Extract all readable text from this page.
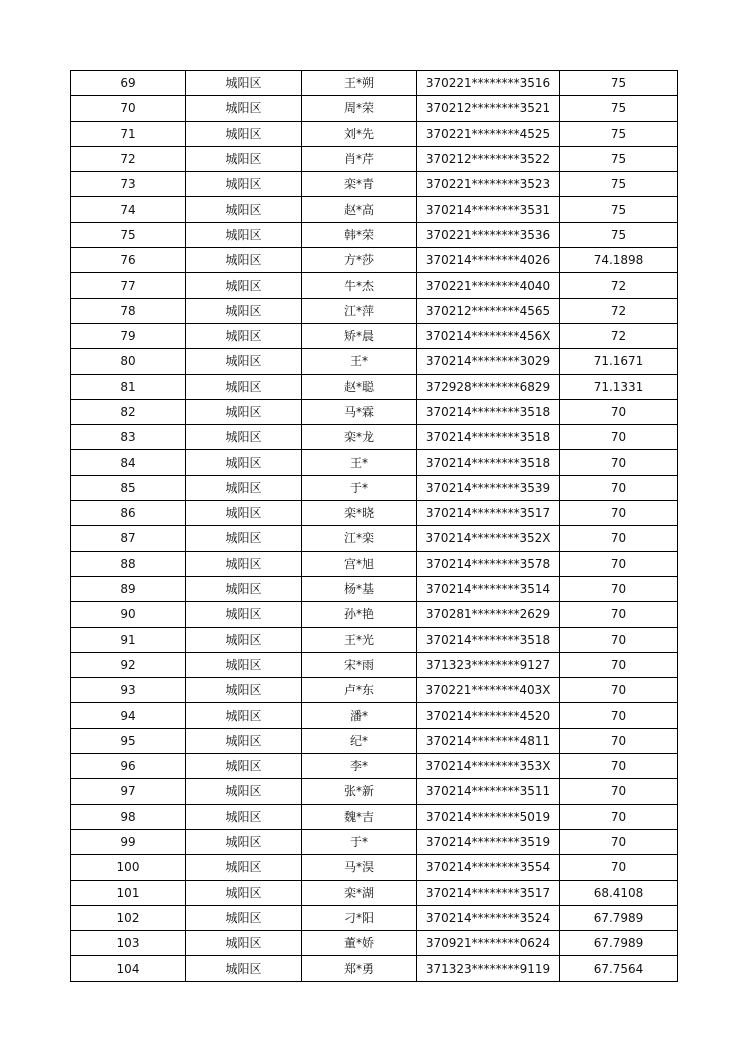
69	城阳区	王*朔	370221********3516	75
70	城阳区	周*荣	370212********3521	75
71	城阳区	刘*先	370221********4525	75
72	城阳区	肖*芹	370212********3522	75
73	城阳区	栾*青	370221********3523	75
74	城阳区	赵*高	370214********3531	75
75	城阳区	韩*荣	370221********3536	75
76	城阳区	方*莎	370214********4026	74.1898
77	城阳区	牛*杰	370221********4040	72
78	城阳区	江*萍	370212********4565	72
79	城阳区	矫*晨	370214********456X	72
80	城阳区	王*	370214********3029	71.1671
81	城阳区	赵*聪	372928********6829	71.1331
82	城阳区	马*霖	370214********3518	70
83	城阳区	栾*龙	370214********3518	70
84	城阳区	王*	370214********3518	70
85	城阳区	于*	370214********3539	70
86	城阳区	栾*晓	370214********3517	70
87	城阳区	江*栾	370214********352X	70
88	城阳区	宫*旭	370214********3578	70
89	城阳区	杨*基	370214********3514	70
90	城阳区	孙*艳	370281********2629	70
91	城阳区	王*光	370214********3518	70
92	城阳区	宋*雨	371323********9127	70
93	城阳区	卢*东	370221********403X	70
94	城阳区	潘*	370214********4520	70
95	城阳区	纪*	370214********4811	70
96	城阳区	李*	370214********353X	70
97	城阳区	张*新	370214********3511	70
98	城阳区	魏*吉	370214********5019	70
99	城阳区	于*	370214********3519	70
100	城阳区	马*淏	370214********3554	70
101	城阳区	栾*湖	370214********3517	68.4108
102	城阳区	刁*阳	370214********3524	67.7989
103	城阳区	董*娇	370921********0624	67.7989
104	城阳区	郑*勇	371323********9119	67.7564
